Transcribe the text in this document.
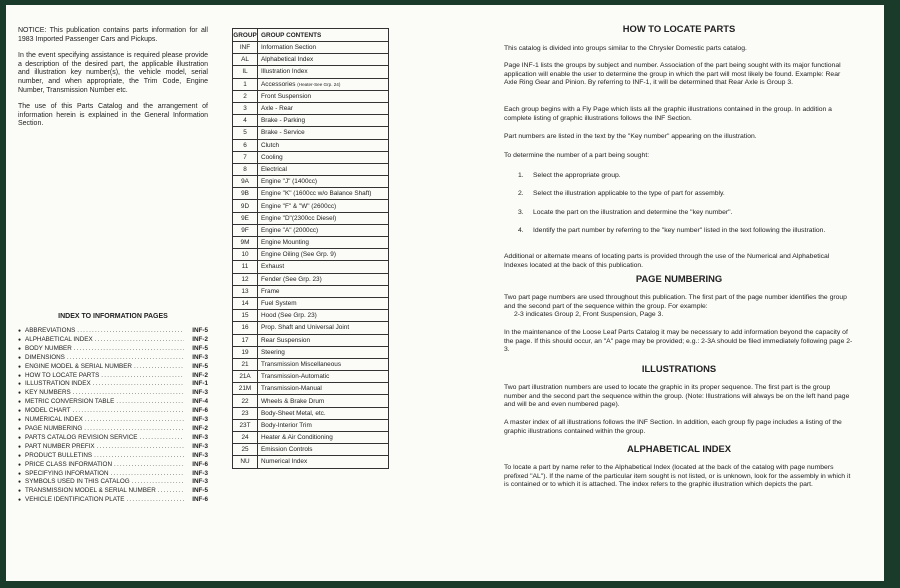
NOTICE: This publication contains parts information for all 1983 Imported Passenger Cars and Pickups.

In the event specifying assistance is required please provide a description of the desired part, the applicable illustration and illustration key number(s), the vehicle model, serial number, and when appropriate, the Trim Code, Engine Number, Transmission Number etc.

The use of this Parts Catalog and the arrangement of information herein is explained in the General Information Section.

INDEX TO INFORMATION PAGES
● ABBREVIATIONS .....	INF-5
● ALPHABETICAL INDEX .....	INF-2
● BODY NUMBER .....	INF-5
● DIMENSIONS .....	INF-3
● ENGINE MODEL & SERIAL NUMBER .....	INF-5
● HOW TO LOCATE PARTS .....	INF-2
● ILLUSTRATION INDEX .....	INF-1
● KEY NUMBERS .....	INF-3
● METRIC CONVERSION TABLE .....	INF-4
● MODEL CHART .....	INF-6
● NUMERICAL INDEX .....	INF-3
● PAGE NUMBERING .....	INF-2
● PARTS CATALOG REVISION SERVICE .....	INF-3
● PART NUMBER PREFIX .....	INF-3
● PRODUCT BULLETINS .....	INF-3
● PRICE CLASS INFORMATION .....	INF-6
● SPECIFYING INFORMATION .....	INF-3
● SYMBOLS USED IN THIS CATALOG .....	INF-3
● TRANSMISSION MODEL & SERIAL NUMBER .....	INF-5
● VEHICLE IDENTIFICATION PLATE .....	INF-6
GROUP	GROUP CONTENTS
INF	Information Section
AL	Alphabetical Index
IL	Illustration Index
1	Accessories (Heater-See Grp. 24)
2	Front Suspension
3	Axle - Rear
4	Brake - Parking
5	Brake - Service
6	Clutch
7	Cooling
8	Electrical
9A	Engine "J" (1400cc)
9B	Engine "K" (1600cc w/o Balance Shaft)
9D	Engine "F" & "W" (2600cc)
9E	Engine "D"(2300cc Diesel)
9F	Engine "A" (2000cc)
9M	Engine Mounting
10	Engine Oiling (See Grp. 9)
11	Exhaust
12	Fender (See Grp. 23)
13	Frame
14	Fuel System
15	Hood (See Grp. 23)
16	Prop. Shaft and Universal Joint
17	Rear Suspension
19	Steering
21	Transmission Miscellaneous
21A	Transmission-Automatic
21M	Transmission-Manual
22	Wheels & Brake Drum
23	Body-Sheet Metal, etc.
23T	Body-Interior Trim
24	Heater & Air Conditioning
25	Emission Controls
NU	Numerical Index
HOW TO LOCATE PARTS

This catalog is divided into groups similar to the Chrysler Domestic parts catalog.

Page INF-1 lists the groups by subject and number. Association of the part being sought with its major functional application will enable the user to determine the group in which the part will most likely be found. Example: Rear Axle Ring Gear and Pinion. By referring to INF-1, it will be determined that Rear Axle is Group 3.

Each group begins with a Fly Page which lists all the graphic illustrations contained in the group. In addition a complete listing of graphic illustrations follows the INF Section.

Part numbers are listed in the text by the "Key number" appearing on the illustration.

To determine the number of a part being sought:

1. Select the appropriate group.
2. Select the illustration applicable to the type of part for assembly.
3. Locate the part on the illustration and determine the "key number".
4. Identify the part number by referring to the "key number" listed in the text following the illustration.

Additional or alternate means of locating parts is provided through the use of the Numerical and Alphabetical Indexes located at the back of this publication.

PAGE NUMBERING

Two part page numbers are used throughout this publication. The first part of the page number identifies the group and the second part of the sequence within the group. For example:

2-3 indicates Group 2, Front Suspension, Page 3.

In the maintenance of the Loose Leaf Parts Catalog it may be necessary to add information beyond the capacity of the page. If this should occur, an "A" page may be provided; e.g.: 2-3A should be filed immediately following page 2-3.

ILLUSTRATIONS

Two part illustration numbers are used to locate the graphic in its proper sequence. The first part is the group number and the second part the sequence within the group. (Note: Illustrations will always be on the left hand page and will be and even numbered page).

A master index of all illustrations follows the INF Section. In addition, each group fly page includes a listing of the graphic illustrations contained within the group.

ALPHABETICAL INDEX

To locate a part by name refer to the Alphabetical Index (located at the back of the catalog with page numbers prefixed "AL"). If the name of the particular item sought is not listed, or is unknown, look for the assembly in which it is contained or to which it is attached. The index refers to the graphic illustration which depicts the part.
